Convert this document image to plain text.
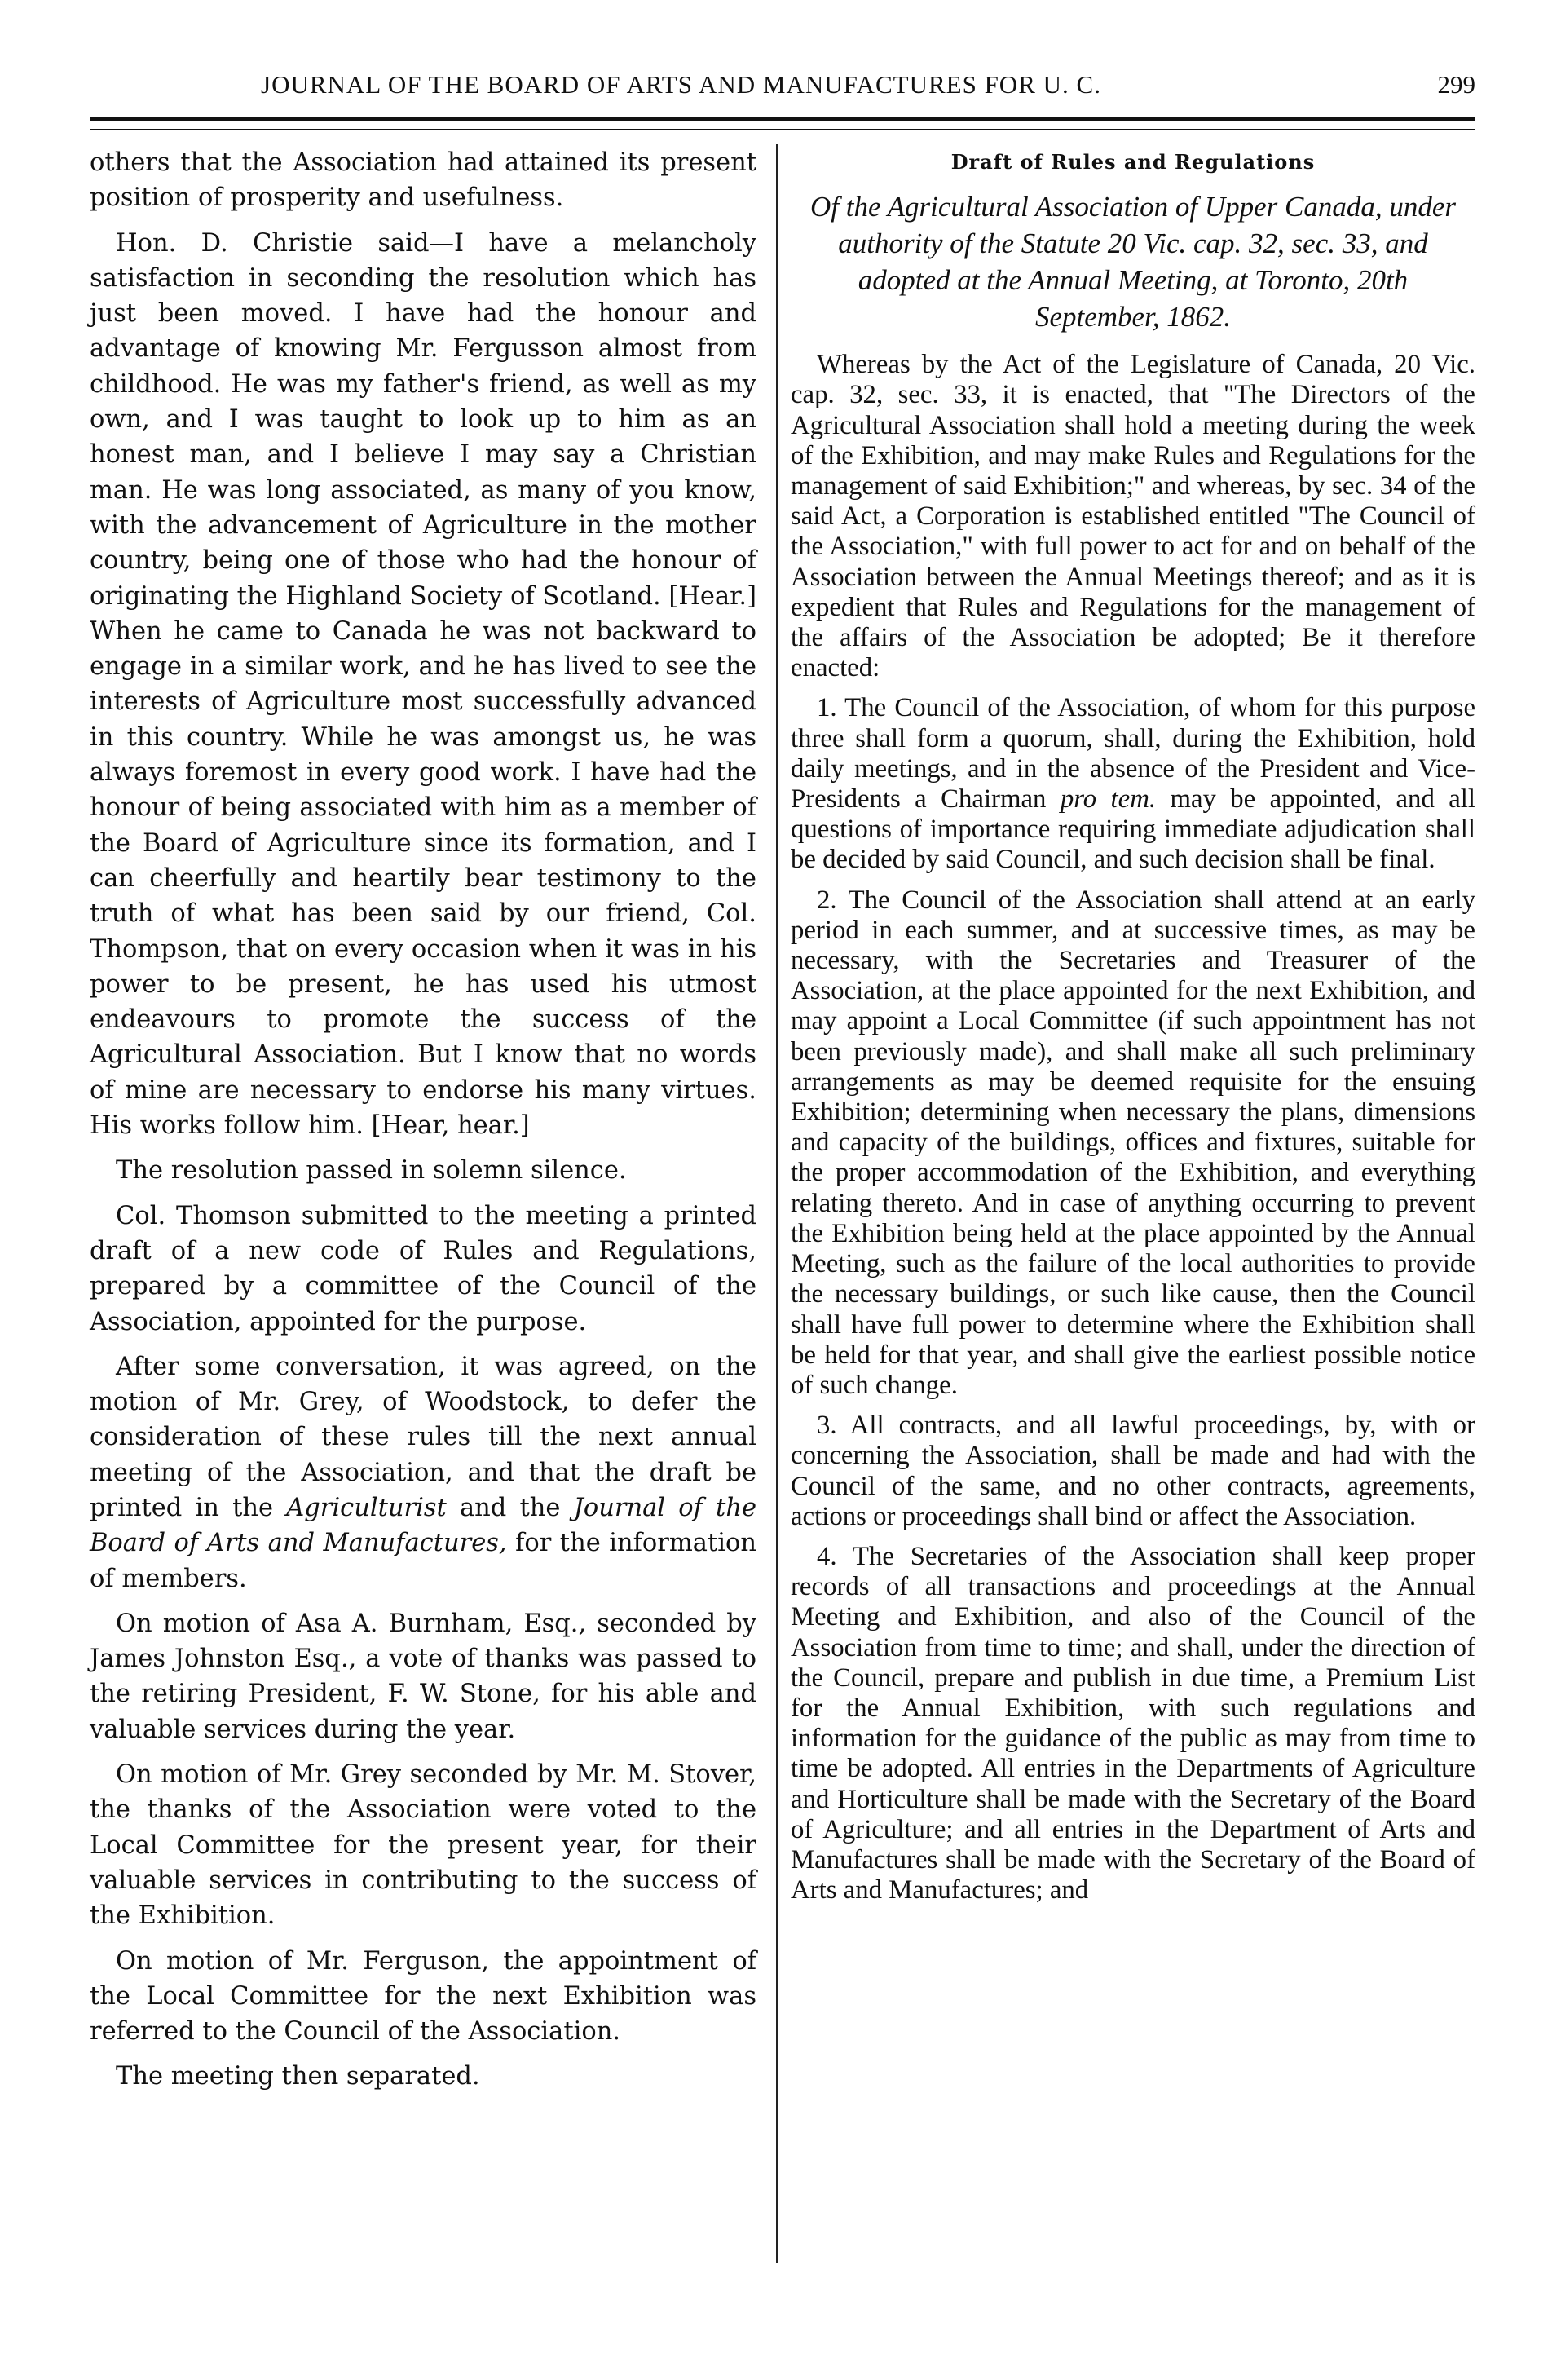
JOURNAL OF THE BOARD OF ARTS AND MANUFACTURES FOR U. C.	299

others that the Association had attained its present position of prosperity and usefulness.

Hon. D. Christie said—I have a melancholy satisfaction in seconding the resolution which has just been moved. I have had the honour and advantage of knowing Mr. Fergusson almost from childhood. He was my father's friend, as well as my own, and I was taught to look up to him as an honest man, and I believe I may say a Christian man. He was long associated, as many of you know, with the advancement of Agriculture in the mother country, being one of those who had the honour of originating the Highland Society of Scotland. [Hear.] When he came to Canada he was not backward to engage in a similar work, and he has lived to see the interests of Agriculture most successfully advanced in this country. While he was amongst us, he was always foremost in every good work. I have had the honour of being associated with him as a member of the Board of Agriculture since its formation, and I can cheerfully and heartily bear testimony to the truth of what has been said by our friend, Col. Thompson, that on every occasion when it was in his power to be present, he has used his utmost endeavours to promote the success of the Agricultural Association. But I know that no words of mine are necessary to endorse his many virtues. His works follow him. [Hear, hear.]

The resolution passed in solemn silence.

Col. Thomson submitted to the meeting a printed draft of a new code of Rules and Regulations, prepared by a committee of the Council of the Association, appointed for the purpose.

After some conversation, it was agreed, on the motion of Mr. Grey, of Woodstock, to defer the consideration of these rules till the next annual meeting of the Association, and that the draft be printed in the Agriculturist and the Journal of the Board of Arts and Manufactures, for the information of members.

On motion of Asa A. Burnham, Esq., seconded by James Johnston Esq., a vote of thanks was passed to the retiring President, F. W. Stone, for his able and valuable services during the year.

On motion of Mr. Grey seconded by Mr. M. Stover, the thanks of the Association were voted to the Local Committee for the present year, for their valuable services in contributing to the success of the Exhibition.

On motion of Mr. Ferguson, the appointment of the Local Committee for the next Exhibition was referred to the Council of the Association.

The meeting then separated.

Draft of Rules and Regulations
Of the Agricultural Association of Upper Canada, under authority of the Statute 20 Vic. cap. 32, sec. 33, and adopted at the Annual Meeting, at Toronto, 20th September, 1862.

Whereas by the Act of the Legislature of Canada, 20 Vic. cap. 32, sec. 33, it is enacted, that "The Directors of the Agricultural Association shall hold a meeting during the week of the Exhibition, and may make Rules and Regulations for the management of said Exhibition;" and whereas, by sec. 34 of the said Act, a Corporation is established entitled "The Council of the Association," with full power to act for and on behalf of the Association between the Annual Meetings thereof; and as it is expedient that Rules and Regulations for the management of the affairs of the Association be adopted; Be it therefore enacted:

1. The Council of the Association, of whom for this purpose three shall form a quorum, shall, during the Exhibition, hold daily meetings, and in the absence of the President and Vice-Presidents a Chairman pro tem. may be appointed, and all questions of importance requiring immediate adjudication shall be decided by said Council, and such decision shall be final.

2. The Council of the Association shall attend at an early period in each summer, and at successive times, as may be necessary, with the Secretaries and Treasurer of the Association, at the place appointed for the next Exhibition, and may appoint a Local Committee (if such appointment has not been previously made), and shall make all such preliminary arrangements as may be deemed requisite for the ensuing Exhibition; determining when necessary the plans, dimensions and capacity of the buildings, offices and fixtures, suitable for the proper accommodation of the Exhibition, and everything relating thereto. And in case of anything occurring to prevent the Exhibition being held at the place appointed by the Annual Meeting, such as the failure of the local authorities to provide the necessary buildings, or such like cause, then the Council shall have full power to determine where the Exhibition shall be held for that year, and shall give the earliest possible notice of such change.

3. All contracts, and all lawful proceedings, by, with or concerning the Association, shall be made and had with the Council of the same, and no other contracts, agreements, actions or proceedings shall bind or affect the Association.

4. The Secretaries of the Association shall keep proper records of all transactions and proceedings at the Annual Meeting and Exhibition, and also of the Council of the Association from time to time; and shall, under the direction of the Council, prepare and publish in due time, a Premium List for the Annual Exhibition, with such regulations and information for the guidance of the public as may from time to time be adopted. All entries in the Departments of Agriculture and Horticulture shall be made with the Secretary of the Board of Agriculture; and all entries in the Department of Arts and Manufactures shall be made with the Secretary of the Board of Arts and Manufactures; and
